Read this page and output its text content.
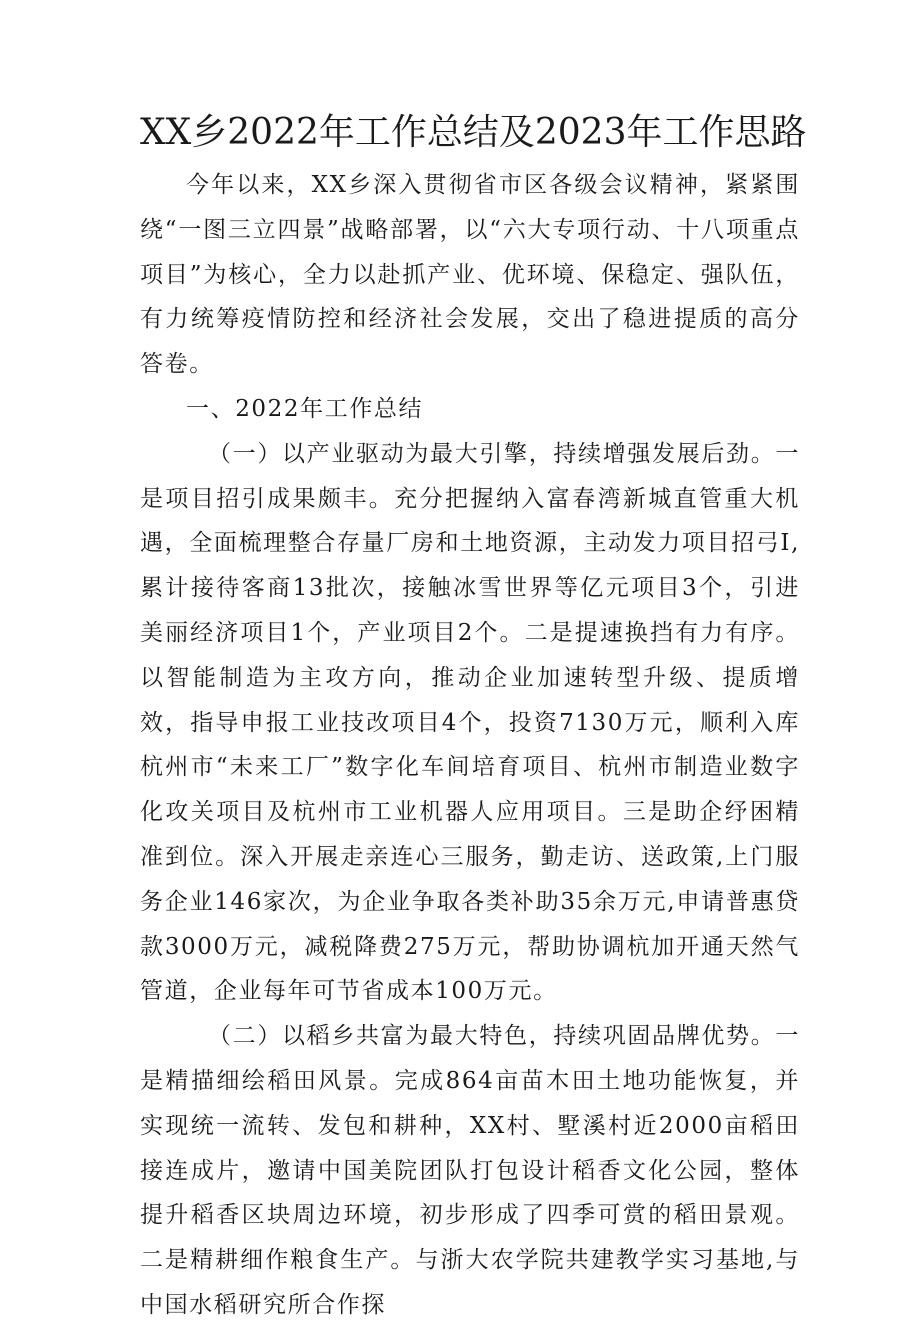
XX乡2022年工作总结及2023年工作思路

今年以来，XX乡深入贯彻省市区各级会议精神，紧紧围绕“一图三立四景”战略部署，以“六大专项行动、十八项重点项目”为核心，全力以赴抓产业、优环境、保稳定、强队伍，有力统筹疫情防控和经济社会发展，交出了稳进提质的高分答卷。

一、2022年工作总结

（一）以产业驱动为最大引擎，持续增强发展后劲。一是项目招引成果颇丰。充分把握纳入富春湾新城直管重大机遇，全面梳理整合存量厂房和土地资源，主动发力项目招弓I,累计接待客商13批次，接触冰雪世界等亿元项目3个，引进美丽经济项目1个，产业项目2个。二是提速换挡有力有序。以智能制造为主攻方向，推动企业加速转型升级、提质增效，指导申报工业技改项目4个，投资7130万元，顺利入库杭州市“未来工厂”数字化车间培育项目、杭州市制造业数字化攻关项目及杭州市工业机器人应用项目。三是助企纾困精准到位。深入开展走亲连心三服务，勤走访、送政策,上门服务企业146家次，为企业争取各类补助35余万元,申请普惠贷款3000万元，减税降费275万元，帮助协调杭加开通天然气管道，企业每年可节省成本100万元。

（二）以稻乡共富为最大特色，持续巩固品牌优势。一是精描细绘稻田风景。完成864亩苗木田土地功能恢复，并实现统一流转、发包和耕种，XX村、墅溪村近2000亩稻田接连成片，邀请中国美院团队打包设计稻香文化公园，整体提升稻香区块周边环境，初步形成了四季可赏的稻田景观。二是精耕细作粮食生产。与浙大农学院共建教学实习基地,与中国水稻研究所合作探
